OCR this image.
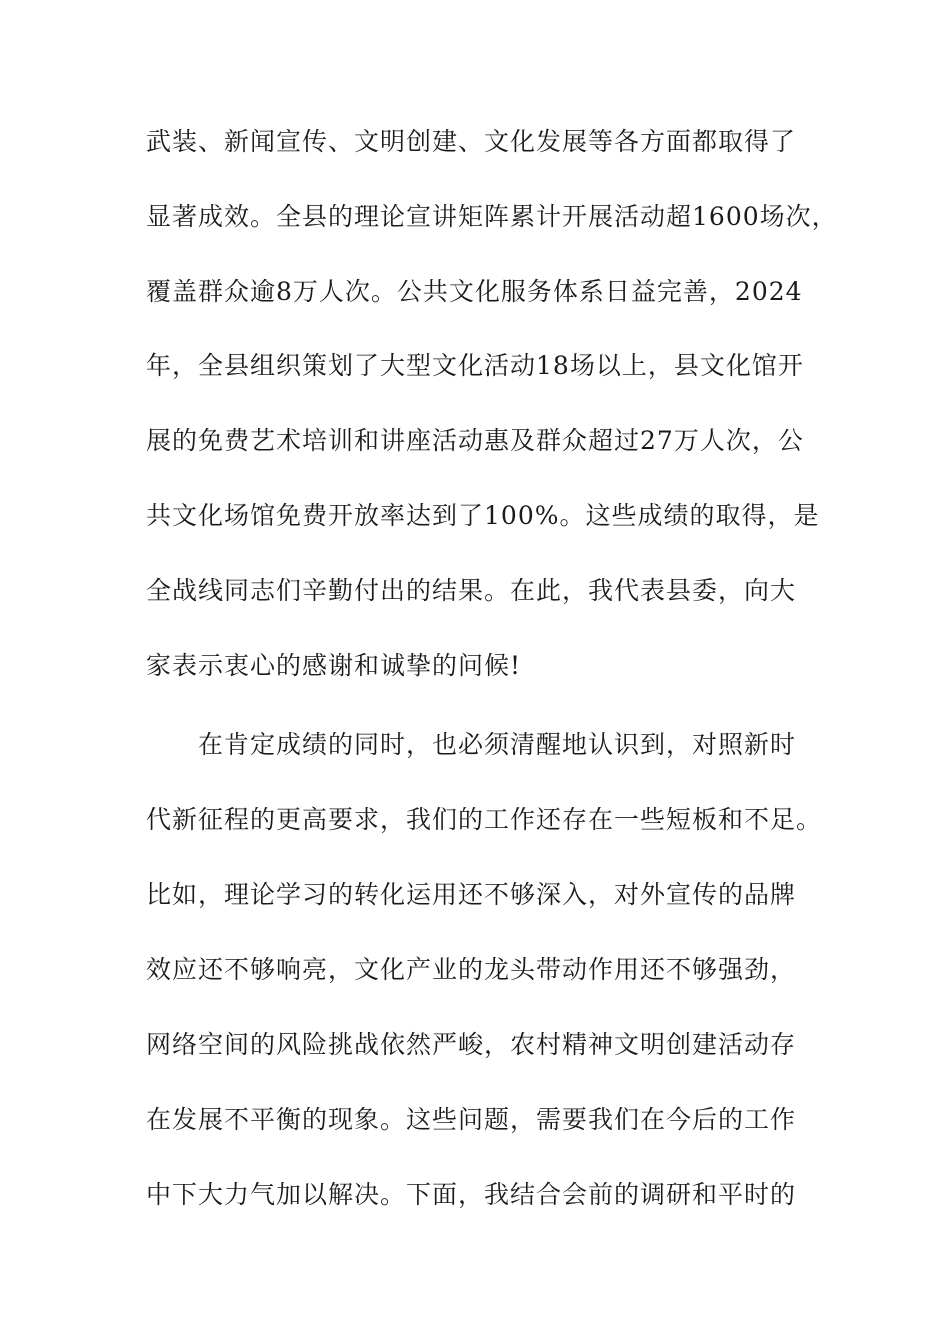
武装、新闻宣传、文明创建、文化发展等各方面都取得了
显著成效。全县的理论宣讲矩阵累计开展活动超1600场次，
覆盖群众逾8万人次。公共文化服务体系日益完善，2024
年，全县组织策划了大型文化活动18场以上，县文化馆开
展的免费艺术培训和讲座活动惠及群众超过27万人次，公
共文化场馆免费开放率达到了100%。这些成绩的取得，是
全战线同志们辛勤付出的结果。在此，我代表县委，向大
家表示衷心的感谢和诚挚的问候!
在肯定成绩的同时，也必须清醒地认识到，对照新时
代新征程的更高要求，我们的工作还存在一些短板和不足。
比如，理论学习的转化运用还不够深入，对外宣传的品牌
效应还不够响亮，文化产业的龙头带动作用还不够强劲，
网络空间的风险挑战依然严峻，农村精神文明创建活动存
在发展不平衡的现象。这些问题，需要我们在今后的工作
中下大力气加以解决。下面，我结合会前的调研和平时的
